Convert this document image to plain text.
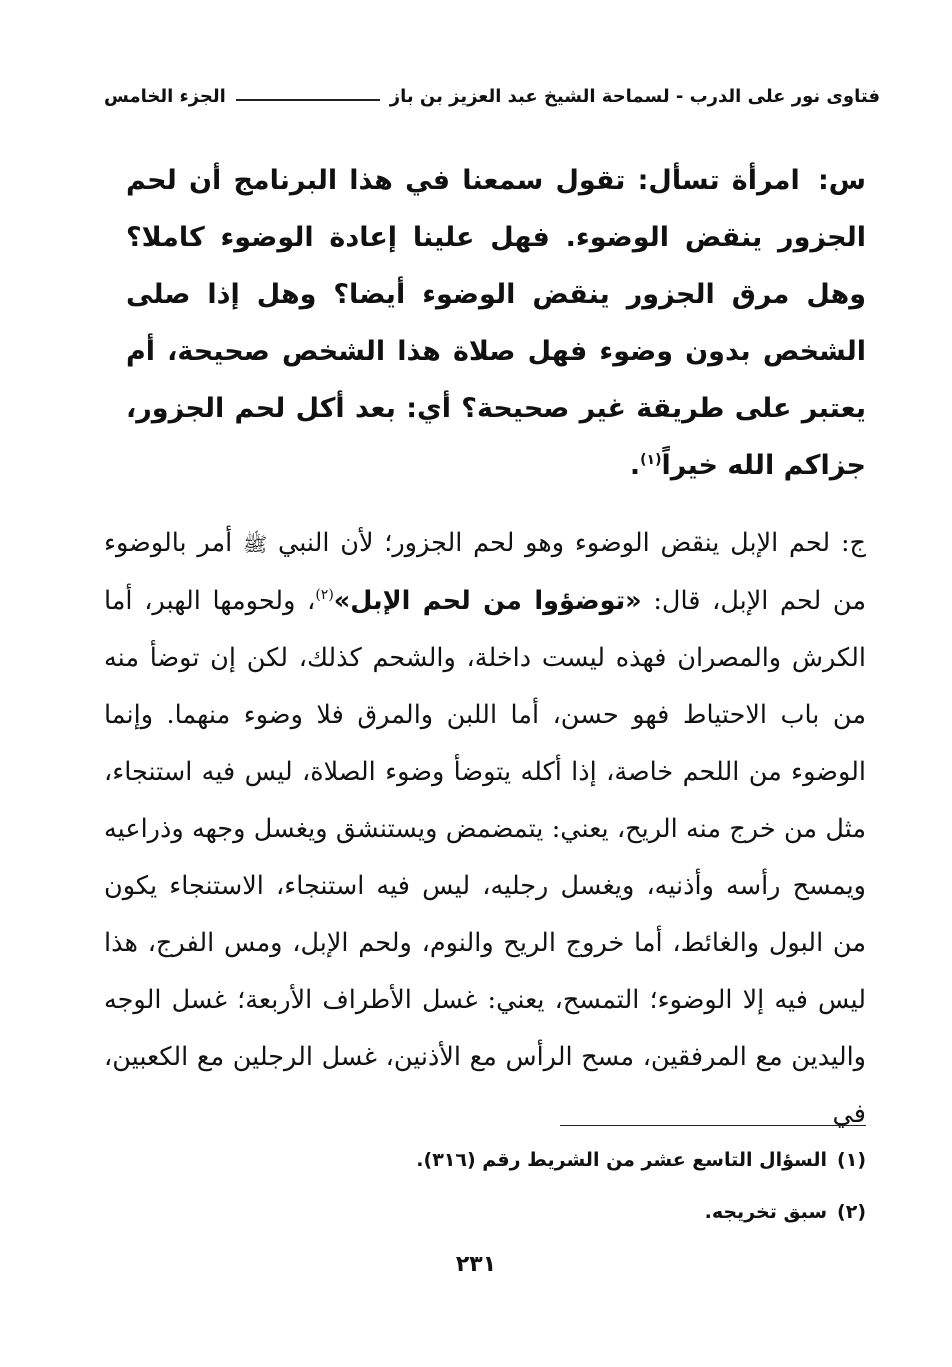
فتاوى نور على الدرب - لسماحة الشيخ عبد العزيز بن باز
الجزء الخامس
س: امرأة تسأل: تقول سمعنا في هذا البرنامج أن لحم الجزور ينقض الوضوء. فهل علينا إعادة الوضوء كاملا؟ وهل مرق الجزور ينقض الوضوء أيضا؟ وهل إذا صلى الشخص بدون وضوء فهل صلاة هذا الشخص صحيحة، أم يعتبر على طريقة غير صحيحة؟ أي: بعد أكل لحم الجزور، جزاكم الله خيراً$^{(١)}$.
ج: لحم الإبل ينقض الوضوء وهو لحم الجزور؛ لأن النبي ﷺ أمر بالوضوء من لحم الإبل، قال: «توضؤوا من لحم الإبل»$^{(٢)}$، ولحومها الهبر، أما الكرش والمصران فهذه ليست داخلة، والشحم كذلك، لكن إن توضأ منه من باب الاحتياط فهو حسن، أما اللبن والمرق فلا وضوء منهما. وإنما الوضوء من اللحم خاصة، إذا أكله يتوضأ وضوء الصلاة، ليس فيه استنجاء، مثل من خرج منه الريح، يعني: يتمضمض ويستنشق ويغسل وجهه وذراعيه ويمسح رأسه وأذنيه، ويغسل رجليه، ليس فيه استنجاء، الاستنجاء يكون من البول والغائط، أما خروج الريح والنوم، ولحم الإبل، ومس الفرج، هذا ليس فيه إلا الوضوء؛ التمسح، يعني: غسل الأطراف الأربعة؛ غسل الوجه واليدين مع المرفقين، مسح الرأس مع الأذنين، غسل الرجلين مع الكعبين، في
(١)السؤال التاسع عشر من الشريط رقم (٣١٦).
(٢)سبق تخريجه.
٢٣١
